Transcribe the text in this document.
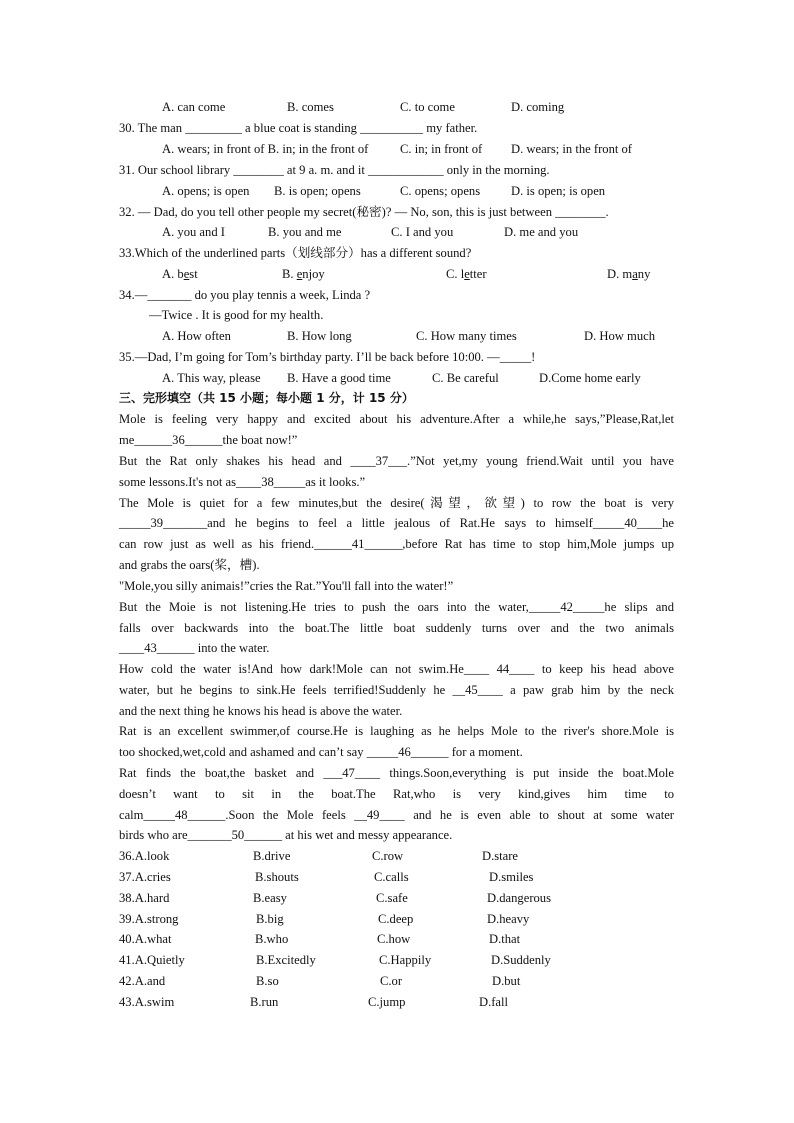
A. can come	B. comes	C. to come	D. coming
30. The man _________ a blue coat is standing __________ my father.
A. wears; in front of B. in; in the front of	C. in; in front of D. wears; in the front of
31. Our school library ________ at 9 a. m. and it ____________ only in the morning.
A. opens; is open B. is open; opens	C. opens; opens D. is open; is open
32. — Dad, do you tell other people my secret(秘密)? — No, son, this is just between ________.
A. you and I	B. you and me	C. I and you	D. me and you
33.Which of the underlined parts（划线部分）has a different sound?
A. best	B. enjoy	C. letter	D. many
34.—_______ do you play tennis a week, Linda ?
—Twice . It is good for my health.
A. How often	B. How long	C. How many times	D. How much
35.—Dad, I’m going for Tom’s birthday party. I’ll be back before 10:00. —_____!
A. This way, please B. Have a good time	C. Be careful	D.Come home early
三、完形填空（共 15 小题；每小题 1 分，计 15 分）
Mole is feeling very happy and excited about his adventure.After a while,he says,”Please,Rat,let
me______36______the boat now!”
But the Rat only shakes his head and ____37___.”Not yet,my young friend.Wait until you have
some lessons.It's not as____38_____as it looks.”
The Mole is quiet for a few minutes,but the desire(渴望，欲望) to row the boat is very
_____39_______and he begins to feel a little jealous of Rat.He says to himself_____40____he
can row just as well as his friend.______41______,before Rat has time to stop him,Mole jumps up
and grabs the oars(桨，槽).
"Mole,you silly animais!”cries the Rat.”You'll fall into the water!”
But the Moie is not listening.He tries to push the oars into the water,_____42_____he slips and
falls over backwards into the boat.The little boat suddenly turns over and the two animals
____43______ into the water.
How cold the water is!And how dark!Mole can not swim.He____ 44____ to keep his head above
water, but he begins to sink.He feels terrified!Suddenly he __45____ a paw grab him by the neck
and the next thing he knows his head is above the water.
Rat is an excellent swimmer,of course.He is laughing as he helps Mole to the river's shore.Mole is
too shocked,wet,cold and ashamed and can’t say _____46______ for a moment.
Rat finds the boat,the basket and ___47____ things.Soon,everything is put inside the boat.Mole
doesn’t want to sit in the boat.The Rat,who is very kind,gives him time to
calm_____48______.Soon the Mole feels __49____ and he is even able to shout at some water
birds who are_______50______ at his wet and messy appearance.
36.A.look	B.drive	C.row	D.stare
37.A.cries	B.shouts	C.calls	D.smiles
38.A.hard	B.easy	C.safe	D.dangerous
39.A.strong	B.big	C.deep	D.heavy
40.A.what	B.who	C.how	D.that
41.A.Quietly	B.Excitedly	C.Happily	D.Suddenly
42.A.and	B.so	C.or	D.but
43.A.swim	B.run	C.jump	D.fall
